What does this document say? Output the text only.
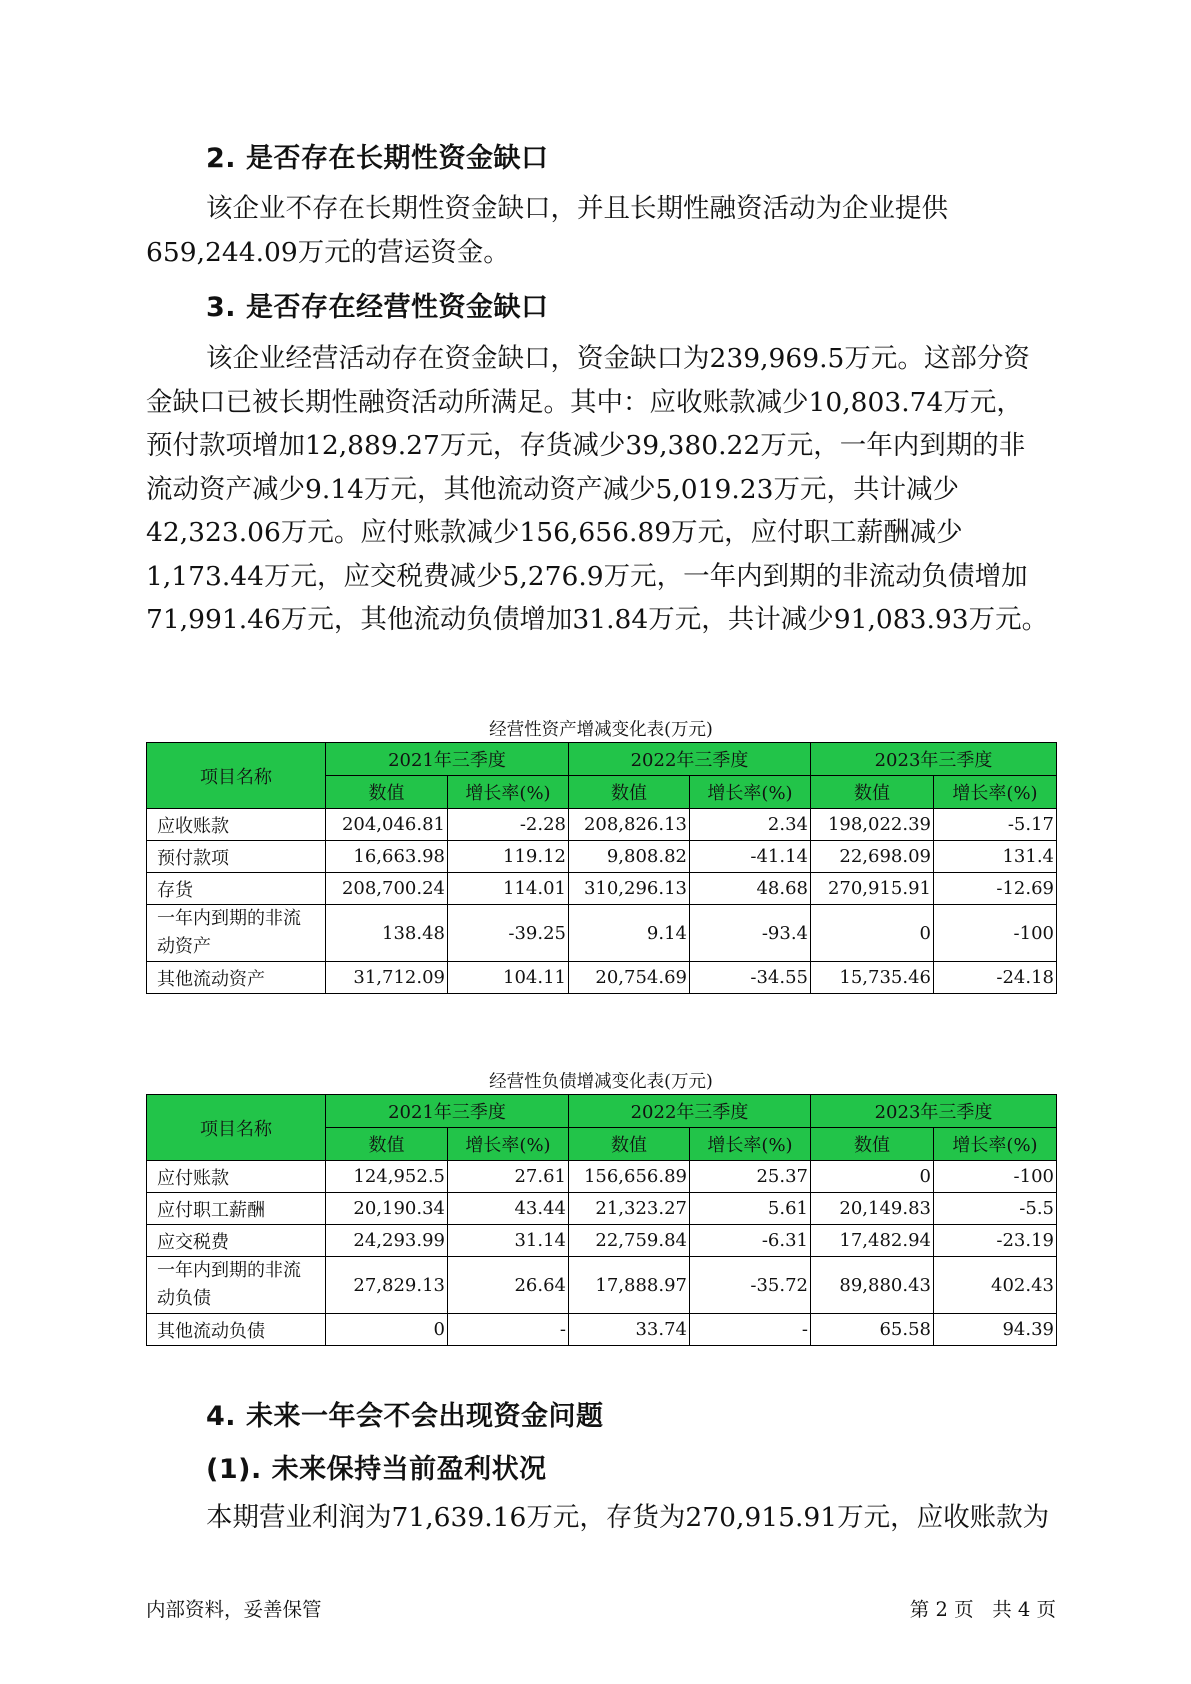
2. 是否存在长期性资金缺口
该企业不存在长期性资金缺口，并且长期性融资活动为企业提供
659,244.09万元的营运资金。
3. 是否存在经营性资金缺口
该企业经营活动存在资金缺口，资金缺口为239,969.5万元。这部分资
金缺口已被长期性融资活动所满足。其中：应收账款减少10,803.74万元，
预付款项增加12,889.27万元，存货减少39,380.22万元，一年内到期的非
流动资产减少9.14万元，其他流动资产减少5,019.23万元，共计减少
42,323.06万元。应付账款减少156,656.89万元，应付职工薪酬减少
1,173.44万元，应交税费减少5,276.9万元，一年内到期的非流动负债增加
71,991.46万元，其他流动负债增加31.84万元，共计减少91,083.93万元。
经营性资产增减变化表(万元)
项目名称	2021年三季度		2022年三季度		2023年三季度	
	数值	增长率(%)	数值	增长率(%)	数值	增长率(%)
应收账款	204,046.81	-2.28	208,826.13	2.34	198,022.39	-5.17
预付款项	16,663.98	119.12	9,808.82	-41.14	22,698.09	131.4
存货	208,700.24	114.01	310,296.13	48.68	270,915.91	-12.69
一年内到期的非流
动资产	138.48	-39.25	9.14	-93.4	0	-100
其他流动资产	31,712.09	104.11	20,754.69	-34.55	15,735.46	-24.18
经营性负债增减变化表(万元)
项目名称	2021年三季度		2022年三季度		2023年三季度	
	数值	增长率(%)	数值	增长率(%)	数值	增长率(%)
应付账款	124,952.5	27.61	156,656.89	25.37	0	-100
应付职工薪酬	20,190.34	43.44	21,323.27	5.61	20,149.83	-5.5
应交税费	24,293.99	31.14	22,759.84	-6.31	17,482.94	-23.19
一年内到期的非流
动负债	27,829.13	26.64	17,888.97	-35.72	89,880.43	402.43
其他流动负债	0	-	33.74	-	65.58	94.39
4. 未来一年会不会出现资金问题
(1). 未来保持当前盈利状况
本期营业利润为71,639.16万元，存货为270,915.91万元，应收账款为
内部资料，妥善保管	第 2 页   共 4 页
